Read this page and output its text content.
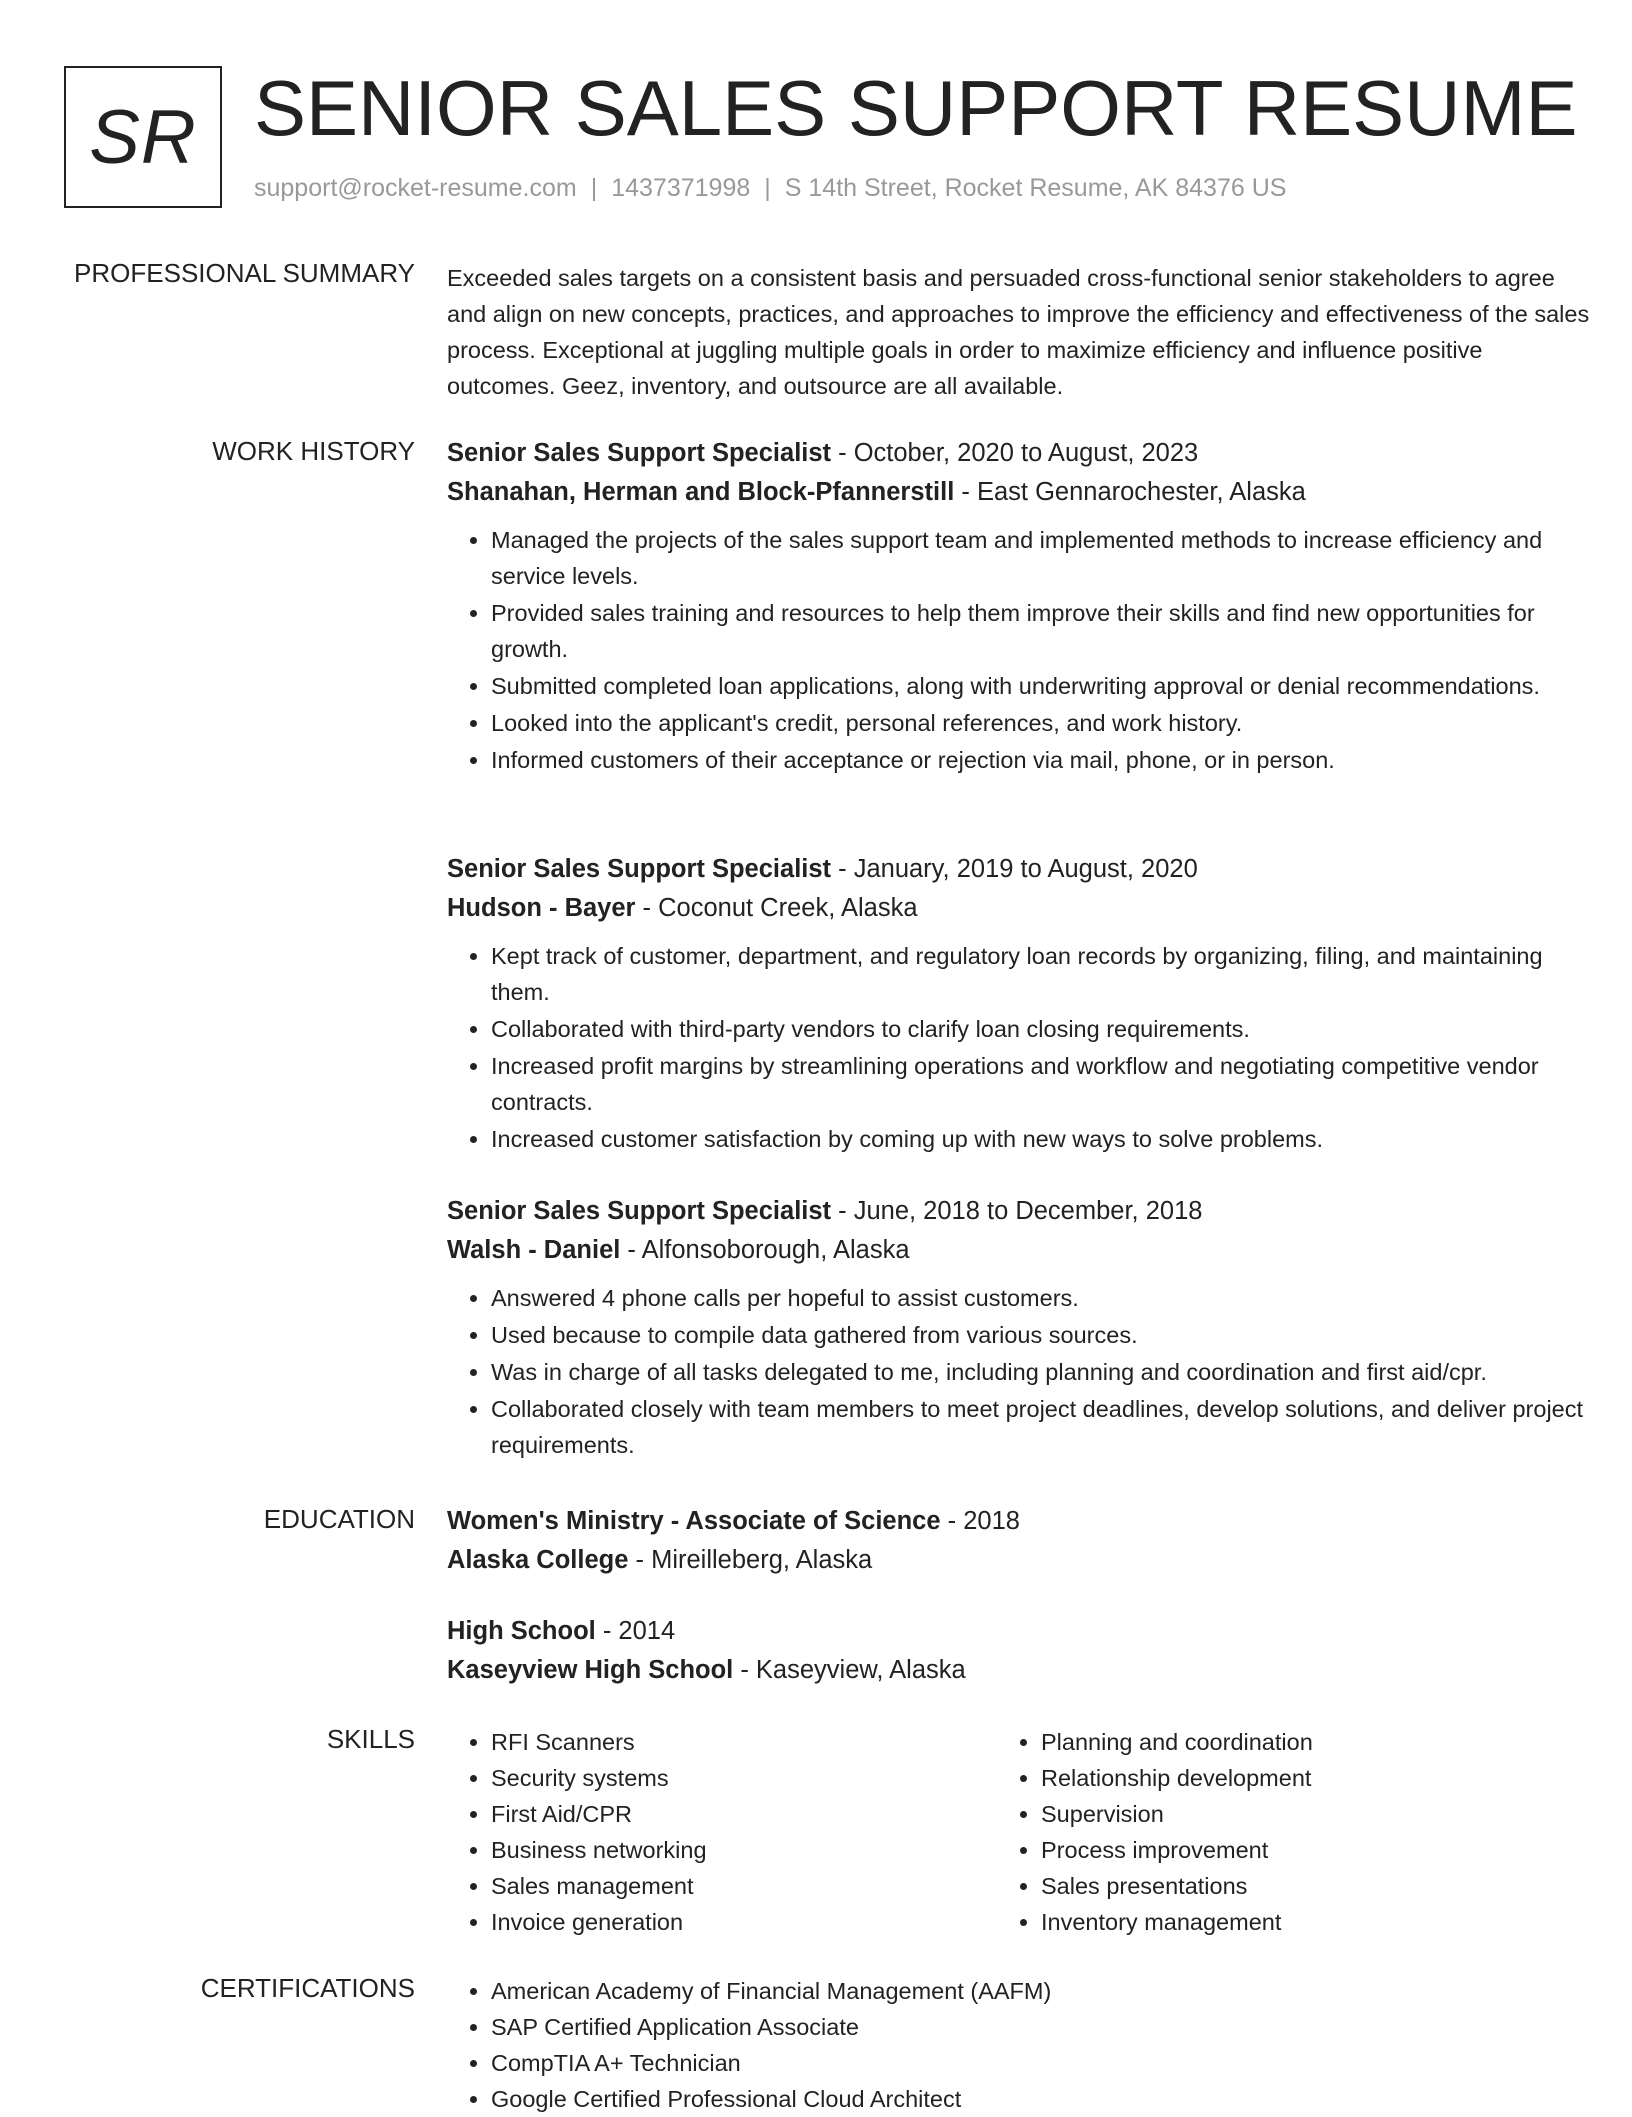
SR SENIOR SALES SUPPORT RESUME
support@rocket-resume.com | 1437371998 | S 14th Street, Rocket Resume, AK 84376 US
PROFESSIONAL SUMMARY Exceeded sales targets on a consistent basis and persuaded cross-functional senior stakeholders to agree and align on new concepts, practices, and approaches to improve the efficiency and effectiveness of the sales process. Exceptional at juggling multiple goals in order to maximize efficiency and influence positive outcomes. Geez, inventory, and outsource are all available.

WORK HISTORY Senior Sales Support Specialist - October, 2020 to August, 2023
Shanahan, Herman and Block-Pfannerstill - East Gennarochester, Alaska
• Managed the projects of the sales support team and implemented methods to increase efficiency and service levels.
• Provided sales training and resources to help them improve their skills and find new opportunities for growth.
• Submitted completed loan applications, along with underwriting approval or denial recommendations.
• Looked into the applicant's credit, personal references, and work history.
• Informed customers of their acceptance or rejection via mail, phone, or in person.
Senior Sales Support Specialist - January, 2019 to August, 2020
Hudson - Bayer - Coconut Creek, Alaska
• Kept track of customer, department, and regulatory loan records by organizing, filing, and maintaining them.
• Collaborated with third-party vendors to clarify loan closing requirements.
• Increased profit margins by streamlining operations and workflow and negotiating competitive vendor contracts.
• Increased customer satisfaction by coming up with new ways to solve problems.
Senior Sales Support Specialist - June, 2018 to December, 2018
Walsh - Daniel - Alfonsoborough, Alaska
• Answered 4 phone calls per hopeful to assist customers.
• Used because to compile data gathered from various sources.
• Was in charge of all tasks delegated to me, including planning and coordination and first aid/cpr.
• Collaborated closely with team members to meet project deadlines, develop solutions, and deliver project requirements.
EDUCATION Women's Ministry - Associate of Science - 2018
Alaska College - Mireilleberg, Alaska
High School - 2014
Kaseyview High School - Kaseyview, Alaska
SKILLS	• RFI Scanners
• Security systems
• First Aid/CPR
• Business networking
• Sales management
• Invoice generation
• Planning and coordination
• Relationship development
• Supervision
• Process improvement
• Sales presentations
• Inventory management
CERTIFICATIONS	• American Academy of Financial Management (AAFM)
• SAP Certified Application Associate
• CompTIA A+ Technician
• Google Certified Professional Cloud Architect
